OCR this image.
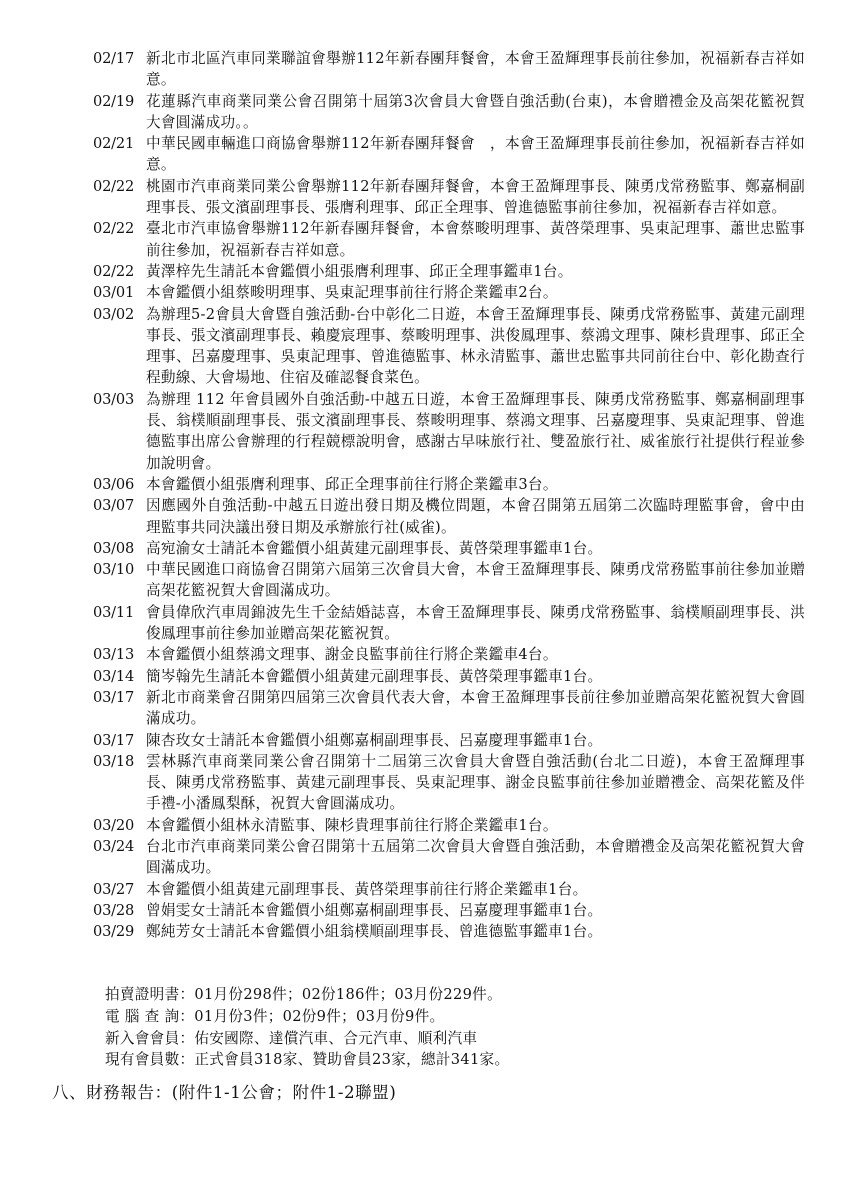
02/17 新北市北區汽車同業聯誼會舉辦112年新春團拜餐會，本會王盈輝理事長前往參加，祝福新春吉祥如意。
02/19 花蓮縣汽車商業同業公會召開第十屆第3次會員大會暨自強活動(台東)，本會贈禮金及高架花籃祝賀大會圓滿成功。。
02/21 中華民國車輛進口商協會舉辦112年新春團拜餐會　，本會王盈輝理事長前往參加，祝福新春吉祥如意。
02/22 桃園市汽車商業同業公會舉辦112年新春團拜餐會，本會王盈輝理事長、陳勇戊常務監事、鄭嘉桐副理事長、張文濱副理事長、張膺利理事、邱正全理事、曾進德監事前往參加，祝福新春吉祥如意。
02/22 臺北市汽車協會舉辦112年新春團拜餐會，本會蔡畯明理事、黃啓榮理事、吳東記理事、蕭世忠監事前往參加，祝福新春吉祥如意。
02/22 黃澤梓先生請託本會鑑價小組張膺利理事、邱正全理事鑑車1台。
03/01 本會鑑價小組蔡畯明理事、吳東記理事前往行將企業鑑車2台。
03/02 為辦理5-2會員大會暨自強活動-台中彰化二日遊，本會王盈輝理事長、陳勇戊常務監事、黃建元副理事長、張文濱副理事長、賴慶宸理事、蔡畯明理事、洪俊鳳理事、蔡鴻文理事、陳杉貴理事、邱正全理事、呂嘉慶理事、吳東記理事、曾進德監事、林永清監事、蕭世忠監事共同前往台中、彰化勘查行程動線、大會場地、住宿及確認餐食菜色。
03/03 為辦理 112 年會員國外自強活動-中越五日遊，本會王盈輝理事長、陳勇戊常務監事、鄭嘉桐副理事長、翁樸順副理事長、張文濱副理事長、蔡畯明理事、蔡鴻文理事、呂嘉慶理事、吳東記理事、曾進德監事出席公會辦理的行程競標說明會，感謝古早味旅行社、雙盈旅行社、威雀旅行社提供行程並參加說明會。
03/06 本會鑑價小組張膺利理事、邱正全理事前往行將企業鑑車3台。
03/07 因應國外自強活動-中越五日遊出發日期及機位問題，本會召開第五屆第二次臨時理監事會，會中由理監事共同決議出發日期及承辦旅行社(威雀)。
03/08 高宛渝女士請託本會鑑價小組黃建元副理事長、黃啓榮理事鑑車1台。
03/10 中華民國進口商協會召開第六屆第三次會員大會，本會王盈輝理事長、陳勇戊常務監事前往參加並贈高架花籃祝賀大會圓滿成功。
03/11 會員偉欣汽車周錦波先生千金結婚誌喜，本會王盈輝理事長、陳勇戊常務監事、翁樸順副理事長、洪俊鳳理事前往參加並贈高架花籃祝賀。
03/13 本會鑑價小組蔡鴻文理事、謝金良監事前往行將企業鑑車4台。
03/14 簡岑翰先生請託本會鑑價小組黃建元副理事長、黃啓榮理事鑑車1台。
03/17 新北市商業會召開第四屆第三次會員代表大會，本會王盈輝理事長前往參加並贈高架花籃祝賀大會圓滿成功。
03/17 陳杏玫女士請託本會鑑價小組鄭嘉桐副理事長、呂嘉慶理事鑑車1台。
03/18 雲林縣汽車商業同業公會召開第十二屆第三次會員大會暨自強活動(台北二日遊)，本會王盈輝理事長、陳勇戊常務監事、黃建元副理事長、吳東記理事、謝金良監事前往參加並贈禮金、高架花籃及伴手禮-小潘鳳梨酥，祝賀大會圓滿成功。
03/20 本會鑑價小組林永清監事、陳杉貴理事前往行將企業鑑車1台。
03/24 台北市汽車商業同業公會召開第十五屆第二次會員大會暨自強活動，本會贈禮金及高架花籃祝賀大會圓滿成功。
03/27 本會鑑價小組黃建元副理事長、黃啓榮理事前往行將企業鑑車1台。
03/28 曾娟雯女士請託本會鑑價小組鄭嘉桐副理事長、呂嘉慶理事鑑車1台。
03/29 鄭純芳女士請託本會鑑價小組翁樸順副理事長、曾進德監事鑑車1台。
拍賣證明書：01月份298件；02份186件；03月份229件。
電 腦 查 詢：01月份3件；02份9件；03月份9件。
新入會會員：佑安國際、達償汽車、合元汽車、順利汽車
現有會員數：正式會員318家、贊助會員23家，總計341家。
八、財務報告：(附件1-1公會；附件1-2聯盟)
